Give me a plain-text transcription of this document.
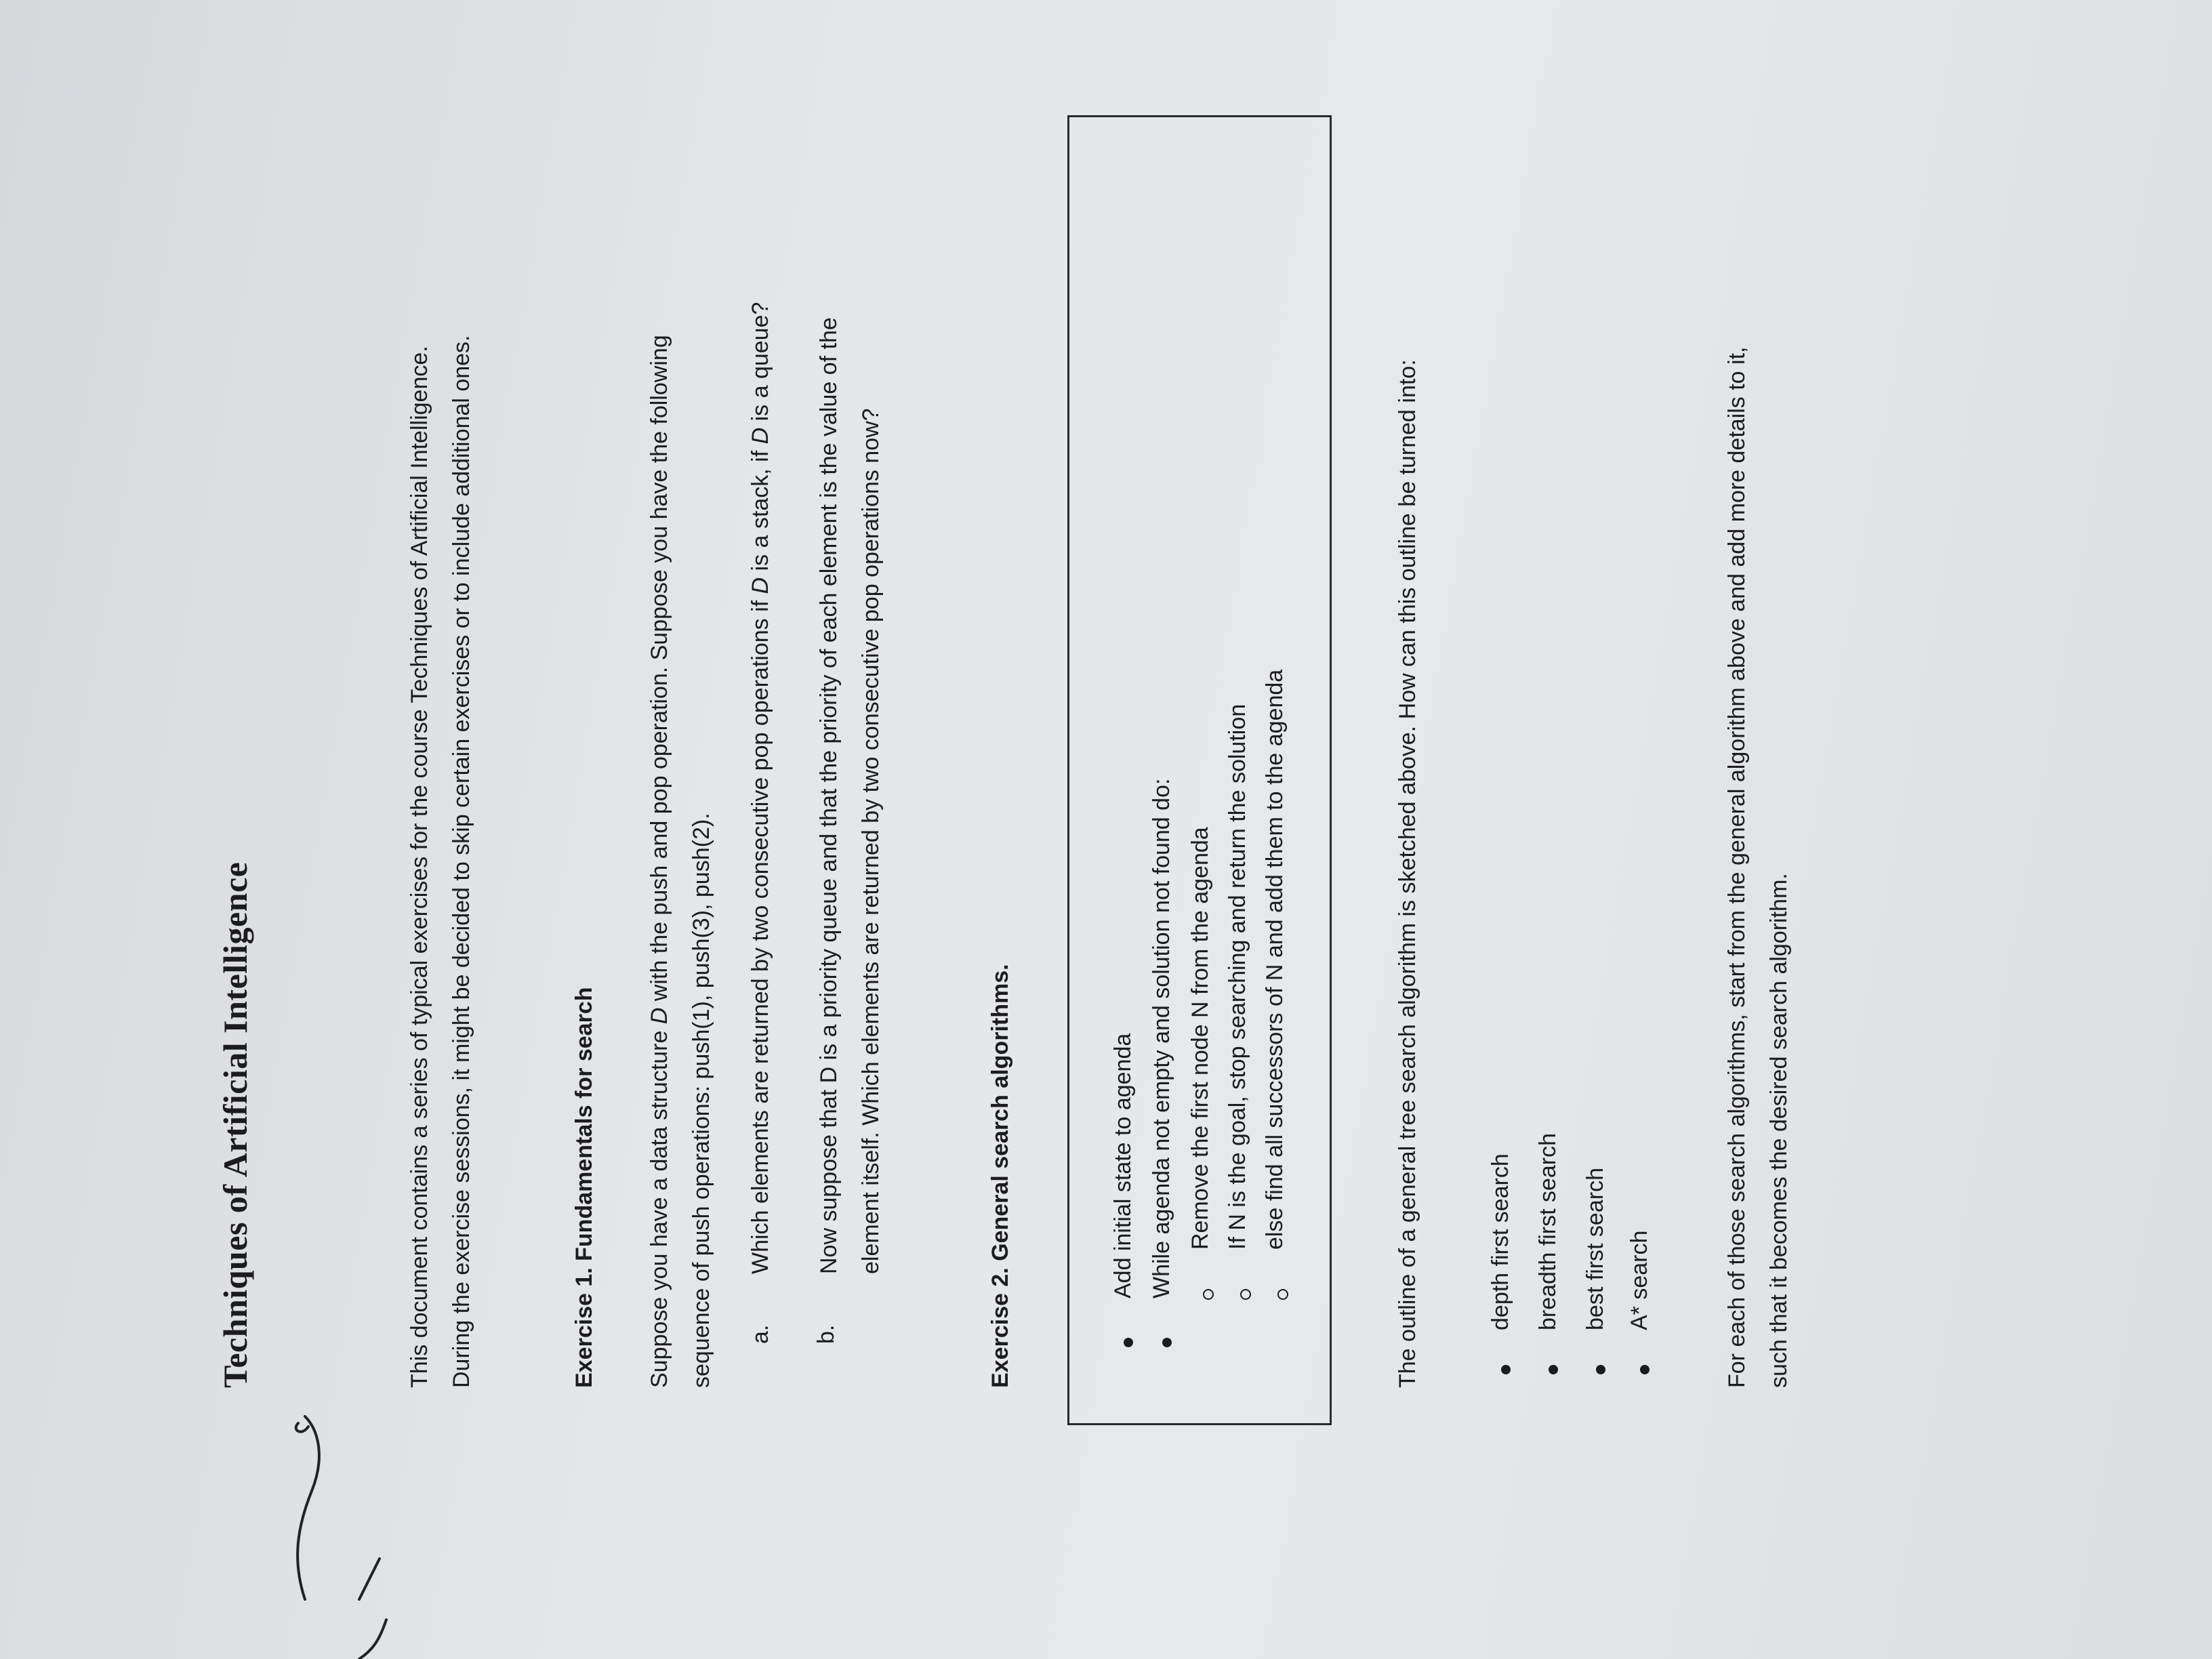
Techniques of Artificial Intelligence	This document contains a series of typical exercises for the course Techniques of Artificial Intelligence. During the exercise sessions, it might be decided to skip certain exercises or to include additional ones.	Exercise 1. Fundamentals for search	Suppose you have a data structure D with the push and pop operation. Suppose you have the following
sequence of push operations: push(1), push(3), push(2).	a.
Which elements are returned by two consecutive pop operations if D is a stack, if D is a queue?
b.
Now suppose that D is a priority queue and that the priority of each element is the value of the element itself. Which elements are returned by two consecutive pop operations now?	Exercise 2. General search algorithms.	Add initial state to agenda While agenda not empty and solution not found do: Remove the first node N from the agenda If N is the goal, stop searching and return the solution else find all successors of N and add them to the agenda	The outline of a general tree search algorithm is sketched above. How can this outline be turned into:	depth first search breadth first search best first search A* search	For each of those search algorithms, start from the general algorithm above and add more details to it, such that it becomes the desired search algorithm.
